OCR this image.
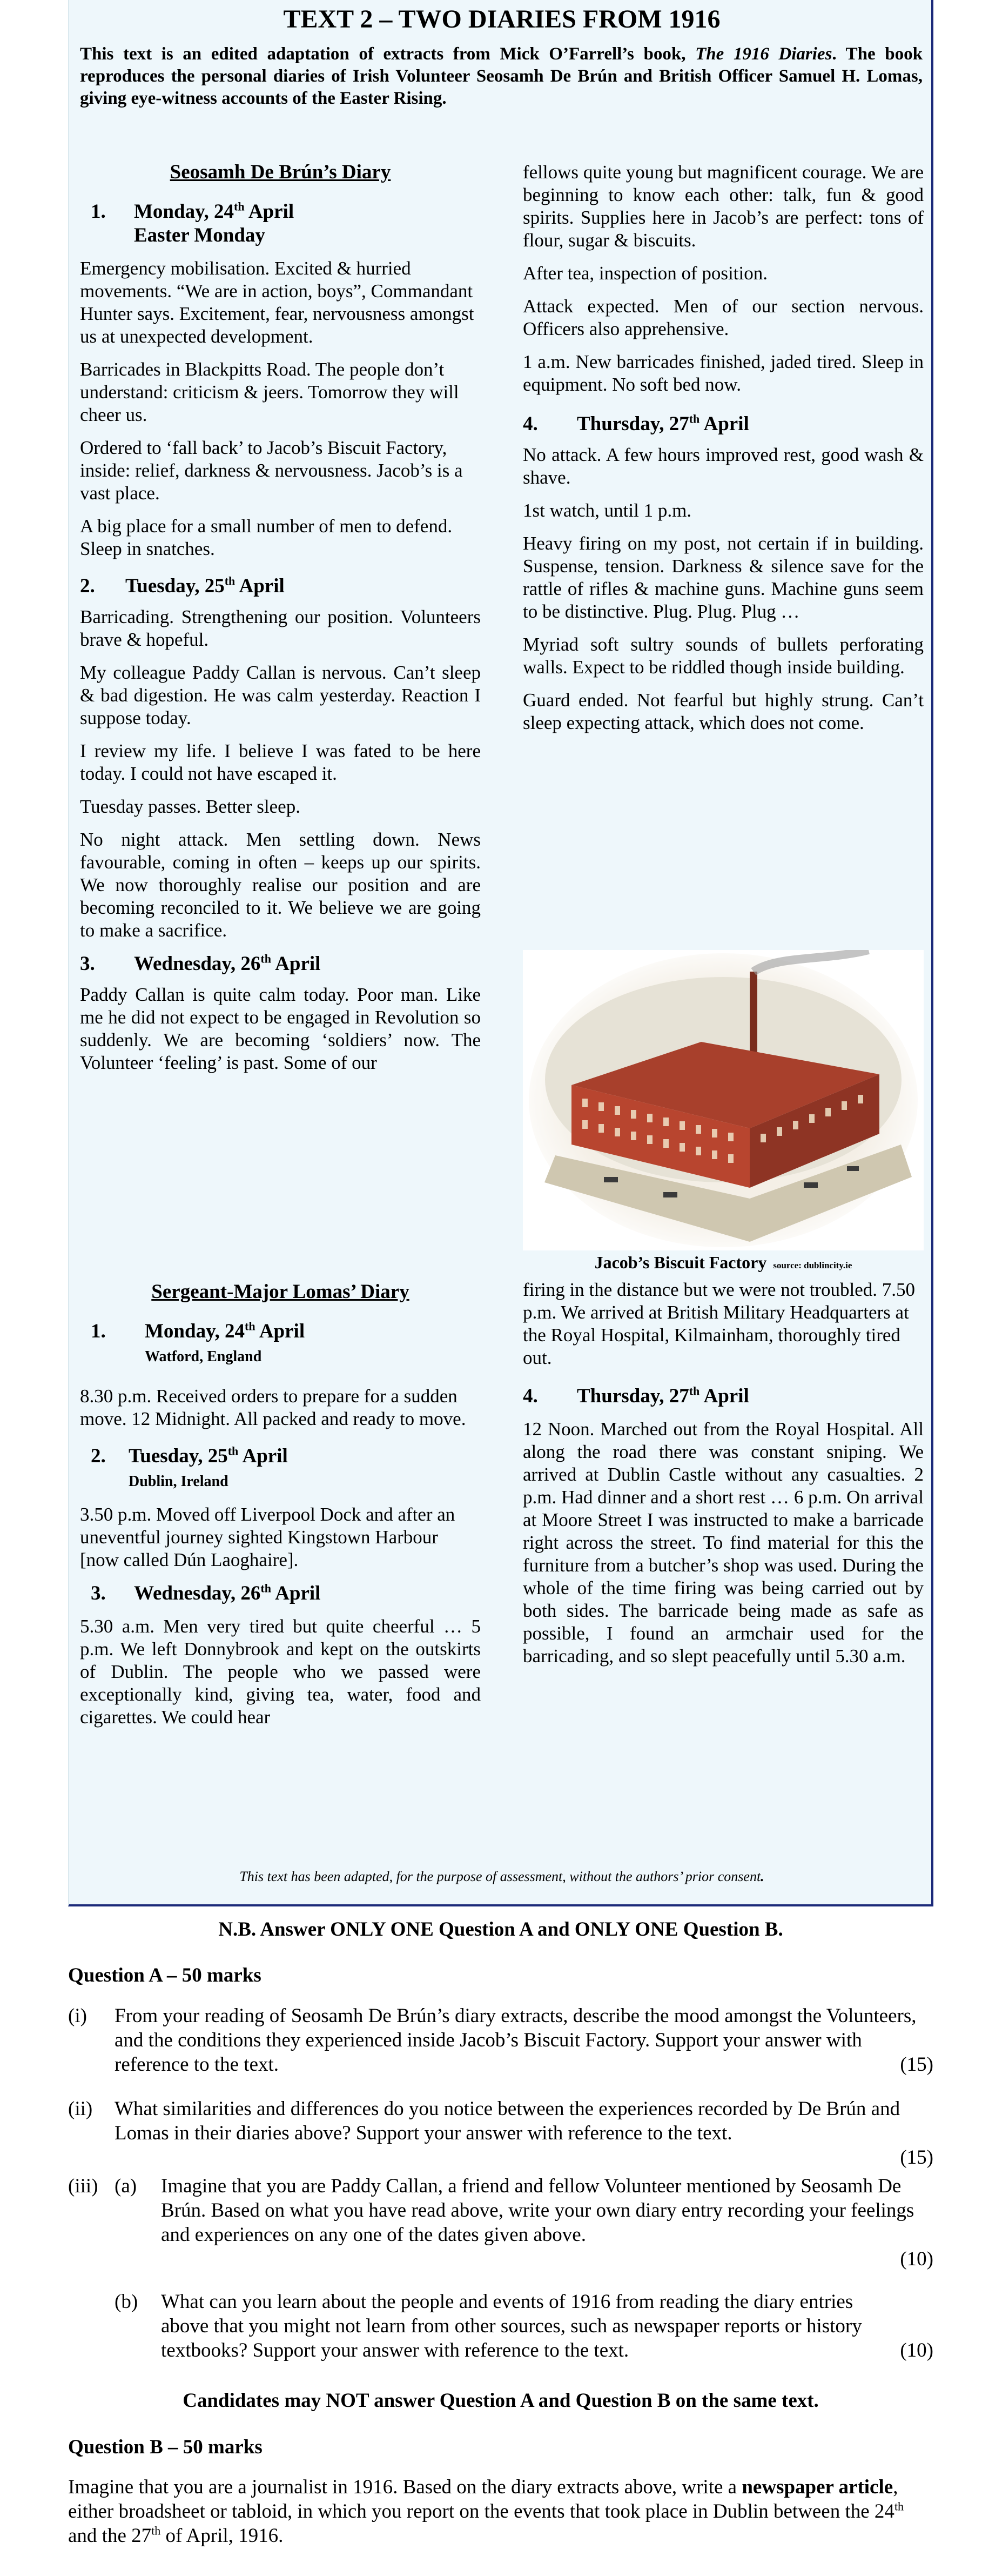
TEXT 2 – TWO DIARIES FROM 1916
This text is an edited adaptation of extracts from Mick O’Farrell’s book, The 1916 Diaries. The book reproduces the personal diaries of Irish Volunteer Seosamh De Brún and British Officer Samuel H. Lomas, giving eye-witness accounts of the Easter Rising.

Seosamh De Brún’s Diary

1. Monday, 24th April
Easter Monday

Emergency mobilisation. Excited & hurried movements. “We are in action, boys”, Commandant Hunter says. Excitement, fear, nervousness amongst us at unexpected development.

Barricades in Blackpitts Road. The people don’t understand: criticism & jeers. Tomorrow they will cheer us.

Ordered to ‘fall back’ to Jacob’s Biscuit Factory, inside: relief, darkness & nervousness. Jacob’s is a vast place.

A big place for a small number of men to defend. Sleep in snatches.

2. Tuesday, 25th April

Barricading. Strengthening our position. Volunteers brave & hopeful.

My colleague Paddy Callan is nervous. Can’t sleep & bad digestion. He was calm yesterday. Reaction I suppose today.

I review my life. I believe I was fated to be here today. I could not have escaped it.

Tuesday passes. Better sleep.

No night attack. Men settling down. News favourable, coming in often – keeps up our spirits. We now thoroughly realise our position and are becoming reconciled to it. We believe we are going to make a sacrifice.

3. Wednesday, 26th April

Paddy Callan is quite calm today. Poor man. Like me he did not expect to be engaged in Revolution so suddenly. We are becoming ‘soldiers’ now. The Volunteer ‘feeling’ is past. Some of our

fellows quite young but magnificent courage. We are beginning to know each other: talk, fun & good spirits. Supplies here in Jacob’s are perfect: tons of flour, sugar & biscuits.

After tea, inspection of position.

Attack expected. Men of our section nervous. Officers also apprehensive.

1 a.m. New barricades finished, jaded tired. Sleep in equipment. No soft bed now.

4. Thursday, 27th April

No attack. A few hours improved rest, good wash & shave.

1st watch, until 1 p.m.

Heavy firing on my post, not certain if in building. Suspense, tension. Darkness & silence save for the rattle of rifles & machine guns. Machine guns seem to be distinctive. Plug. Plug. Plug …

Myriad soft sultry sounds of bullets perforating walls. Expect to be riddled though inside building.

Guard ended. Not fearful but highly strung. Can’t sleep expecting attack, which does not come.

Jacob’s Biscuit Factory source: dublincity.ie

Sergeant-Major Lomas’ Diary

1. Monday, 24th April
Watford, England

8.30 p.m. Received orders to prepare for a sudden move. 12 Midnight. All packed and ready to move.

2. Tuesday, 25th April
Dublin, Ireland

3.50 p.m. Moved off Liverpool Dock and after an uneventful journey sighted Kingstown Harbour [now called Dún Laoghaire].

3. Wednesday, 26th April

5.30 a.m. Men very tired but quite cheerful … 5 p.m. We left Donnybrook and kept on the outskirts of Dublin. The people who we passed were exceptionally kind, giving tea, water, food and cigarettes. We could hear

firing in the distance but we were not troubled. 7.50 p.m. We arrived at British Military Headquarters at the Royal Hospital, Kilmainham, thoroughly tired out.

4. Thursday, 27th April

12 Noon. Marched out from the Royal Hospital. All along the road there was constant sniping. We arrived at Dublin Castle without any casualties. 2 p.m. Had dinner and a short rest … 6 p.m. On arrival at Moore Street I was instructed to make a barricade right across the street. To find material for this the furniture from a butcher’s shop was used. During the whole of the time firing was being carried out by both sides. The barricade being made as safe as possible, I found an armchair used for the barricading, and so slept peacefully until 5.30 a.m.

This text has been adapted, for the purpose of assessment, without the authors’ prior consent.
N.B. Answer ONLY ONE Question A and ONLY ONE Question B.
Question A – 50 marks
(i) From your reading of Seosamh De Brún’s diary extracts, describe the mood amongst the Volunteers, and the conditions they experienced inside Jacob’s Biscuit Factory. Support your answer with reference to the text.	(15)
(ii) What similarities and differences do you notice between the experiences recorded by De Brún and Lomas in their diaries above? Support your answer with reference to the text.
(15)
(iii) (a) Imagine that you are Paddy Callan, a friend and fellow Volunteer mentioned by Seosamh De Brún. Based on what you have read above, write your own diary entry recording your feelings and experiences on any one of the dates given above.
(10)
(b) What can you learn about the people and events of 1916 from reading the diary entries above that you might not learn from other sources, such as newspaper reports or history textbooks? Support your answer with reference to the text.	(10)
Candidates may NOT answer Question A and Question B on the same text.
Question B – 50 marks
Imagine that you are a journalist in 1916. Based on the diary extracts above, write a newspaper article, either broadsheet or tabloid, in which you report on the events that took place in Dublin between the 24th and the 27th of April, 1916.
